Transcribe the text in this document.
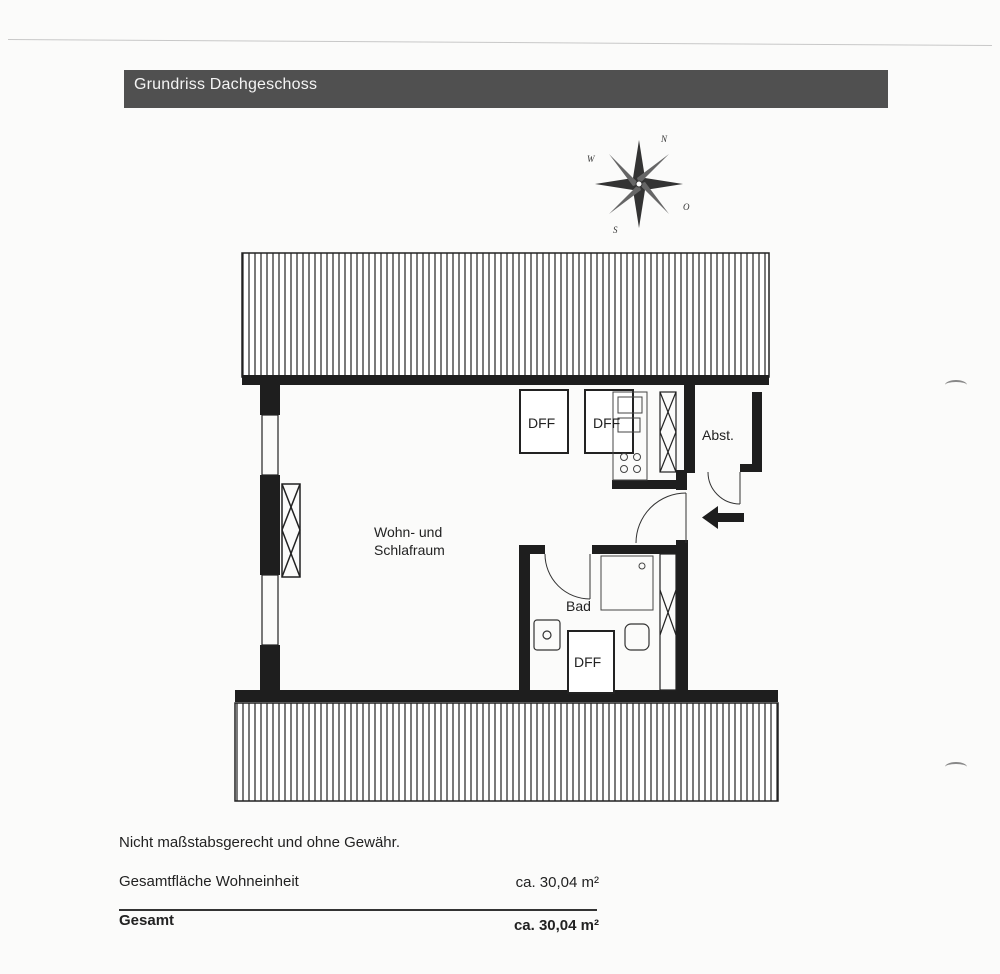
Grundriss Dachgeschoss
N
W
O
S
DFF	DFF
DFF
Abst.
Wohn- und
Schlafraum
Bad
Nicht maßstabsgerecht und ohne Gewähr.
Gesamtfläche Wohneinheit	ca. 30,04 m²
Gesamt	ca. 30,04 m²
